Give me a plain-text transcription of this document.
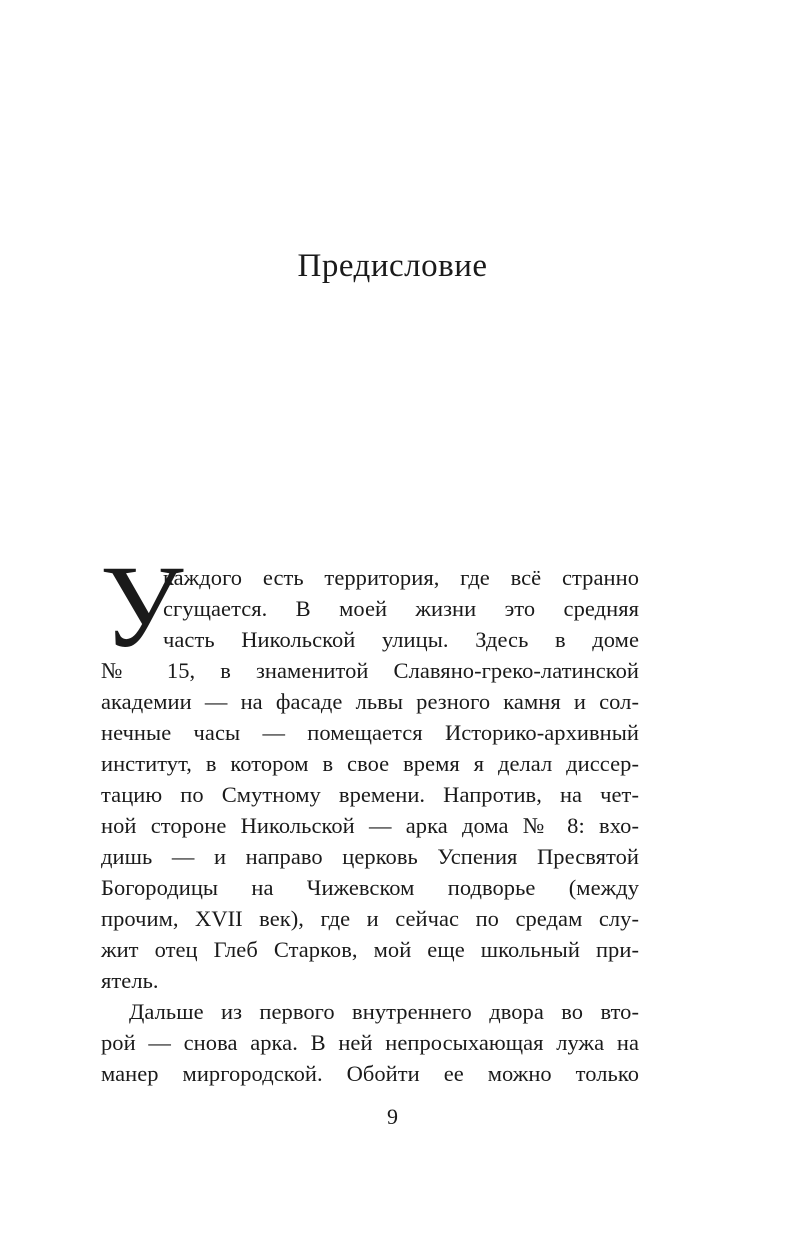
Предисловие
У
каждого есть территория, где всё странно
сгущается. В моей жизни это средняя
часть Никольской улицы. Здесь в доме
№ 15, в знаменитой Славяно-греко-латинской
академии — на фасаде львы резного камня и сол-
нечные часы — помещается Историко-архивный
институт, в котором в свое время я делал диссер-
тацию по Смутному времени. Напротив, на чет-
ной стороне Никольской — арка дома № 8: вхо-
дишь — и направо церковь Успения Пресвятой
Богородицы на Чижевском подворье (между
прочим, XVII век), где и сейчас по средам слу-
жит отец Глеб Старков, мой еще школьный при-
ятель.
Дальше из первого внутреннего двора во вто-
рой — снова арка. В ней непросыхающая лужа на
манер миргородской. Обойти ее можно только
9
